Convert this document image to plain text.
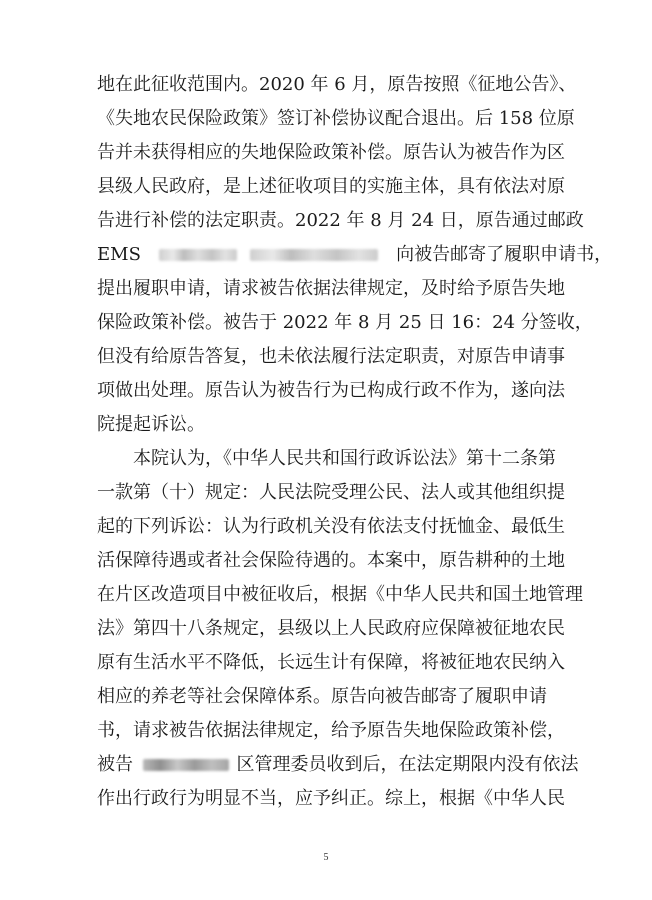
地在此征收范围内。2020 年 6 月，原告按照《征地公告》、
《失地农民保险政策》签订补偿协议配合退出。后 158 位原
告并未获得相应的失地保险政策补偿。原告认为被告作为区
县级人民政府，是上述征收项目的实施主体，具有依法对原
告进行补偿的法定职责。2022 年 8 月 24 日，原告通过邮政
EMS	向被告邮寄了履职申请书，
提出履职申请，请求被告依据法律规定，及时给予原告失地
保险政策补偿。被告于 2022 年 8 月 25 日 16：24 分签收，
但没有给原告答复，也未依法履行法定职责，对原告申请事
项做出处理。原告认为被告行为已构成行政不作为，遂向法
院提起诉讼。
本院认为，《中华人民共和国行政诉讼法》第十二条第
一款第（十）规定：人民法院受理公民、法人或其他组织提
起的下列诉讼：认为行政机关没有依法支付抚恤金、最低生
活保障待遇或者社会保险待遇的。本案中，原告耕种的土地
在片区改造项目中被征收后，根据《中华人民共和国土地管理
法》第四十八条规定，县级以上人民政府应保障被征地农民
原有生活水平不降低，长远生计有保障，将被征地农民纳入
相应的养老等社会保障体系。原告向被告邮寄了履职申请
书，请求被告依据法律规定，给予原告失地保险政策补偿，
被告	区管理委员收到后，在法定期限内没有依法
作出行政行为明显不当，应予纠正。综上，根据《中华人民
5
